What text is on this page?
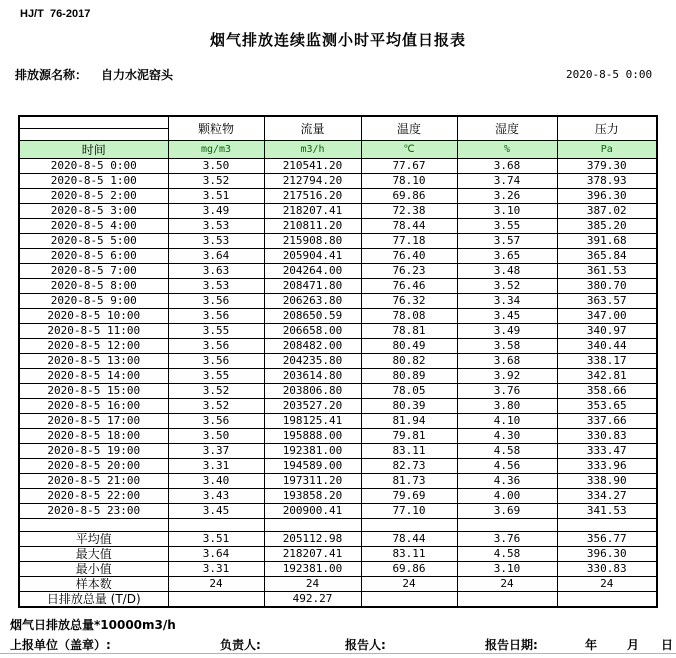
HJ/T  76-2017
烟气排放连续监测小时平均值日报表
排放源名称： 自力水泥窑头	2020-8-5 0:00
	颗粒物	流量	温度	湿度	压力

时间	mg/m3	m3/h	℃	%	Pa
2020-8-5 0:00	3.50	210541.20	77.67	3.68	379.30
2020-8-5 1:00	3.52	212794.20	78.10	3.74	378.93
2020-8-5 2:00	3.51	217516.20	69.86	3.26	396.30
2020-8-5 3:00	3.49	218207.41	72.38	3.10	387.02
2020-8-5 4:00	3.53	210811.20	78.44	3.55	385.20
2020-8-5 5:00	3.53	215908.80	77.18	3.57	391.68
2020-8-5 6:00	3.64	205904.41	76.40	3.65	365.84
2020-8-5 7:00	3.63	204264.00	76.23	3.48	361.53
2020-8-5 8:00	3.53	208471.80	76.46	3.52	380.70
2020-8-5 9:00	3.56	206263.80	76.32	3.34	363.57
2020-8-5 10:00	3.56	208650.59	78.08	3.45	347.00
2020-8-5 11:00	3.55	206658.00	78.81	3.49	340.97
2020-8-5 12:00	3.56	208482.00	80.49	3.58	340.44
2020-8-5 13:00	3.56	204235.80	80.82	3.68	338.17
2020-8-5 14:00	3.55	203614.80	80.89	3.92	342.81
2020-8-5 15:00	3.52	203806.80	78.05	3.76	358.66
2020-8-5 16:00	3.52	203527.20	80.39	3.80	353.65
2020-8-5 17:00	3.56	198125.41	81.94	4.10	337.66
2020-8-5 18:00	3.50	195888.00	79.81	4.30	330.83
2020-8-5 19:00	3.37	192381.00	83.11	4.58	333.47
2020-8-5 20:00	3.31	194589.00	82.73	4.56	333.96
2020-8-5 21:00	3.40	197311.20	81.73	4.36	338.90
2020-8-5 22:00	3.43	193858.20	79.69	4.00	334.27
2020-8-5 23:00	3.45	200900.41	77.10	3.69	341.53

平均值	3.51	205112.98	78.44	3.76	356.77
最大值	3.64	218207.41	83.11	4.58	396.30
最小值	3.31	192381.00	69.86	3.10	330.83
样本数	24	24	24	24	24
日排放总量 (T/D)		492.27			
烟气日排放总量*10000m3/h
上报单位（盖章）:	负责人:	报告人:	报告日期:	年 月 日
